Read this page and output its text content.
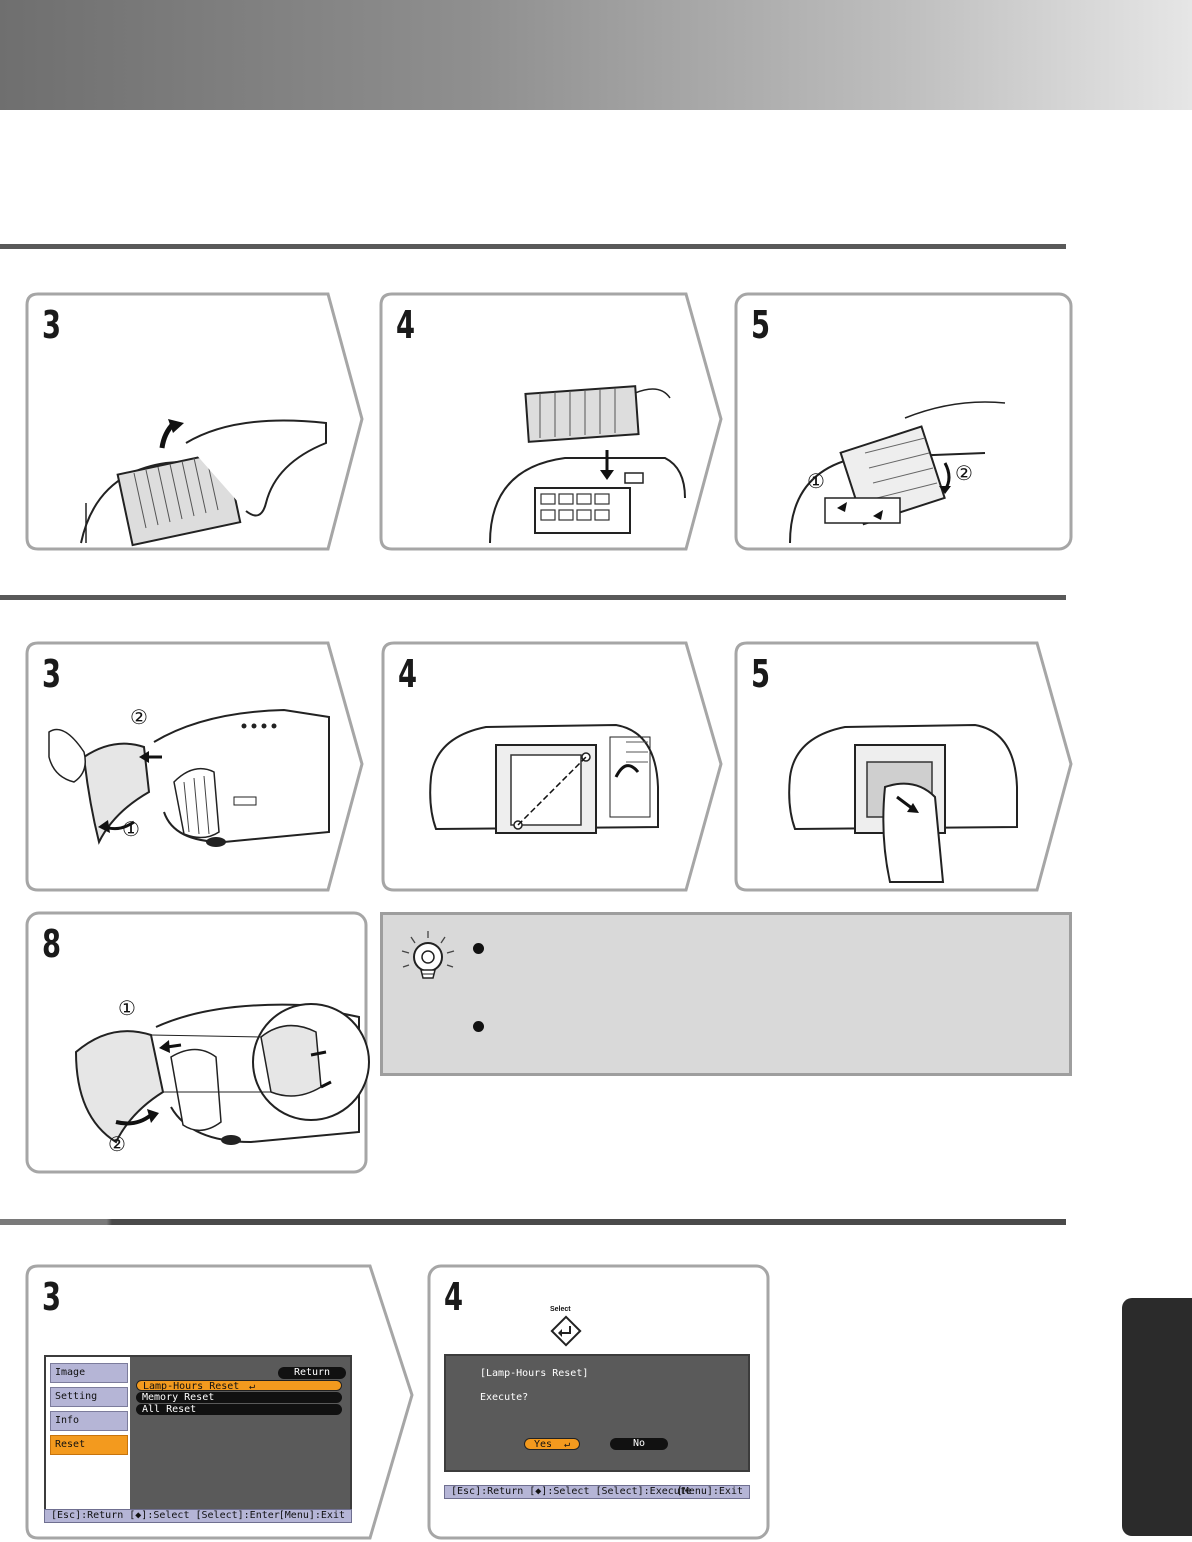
3	4	5
①	②
3
②
①
4	5
8
①
②
3
Image
Setting
Info
Reset
Return
Lamp-Hours Reset ↵
Memory Reset
All Reset
[Esc]:Return [◆]:Select [Select]:Enter
[Menu]:Exit
4	Select
[Lamp-Hours Reset]
Execute?
Yes ↵	No
[Esc]:Return [◆]:Select [Select]:Execute
[Menu]:Exit
